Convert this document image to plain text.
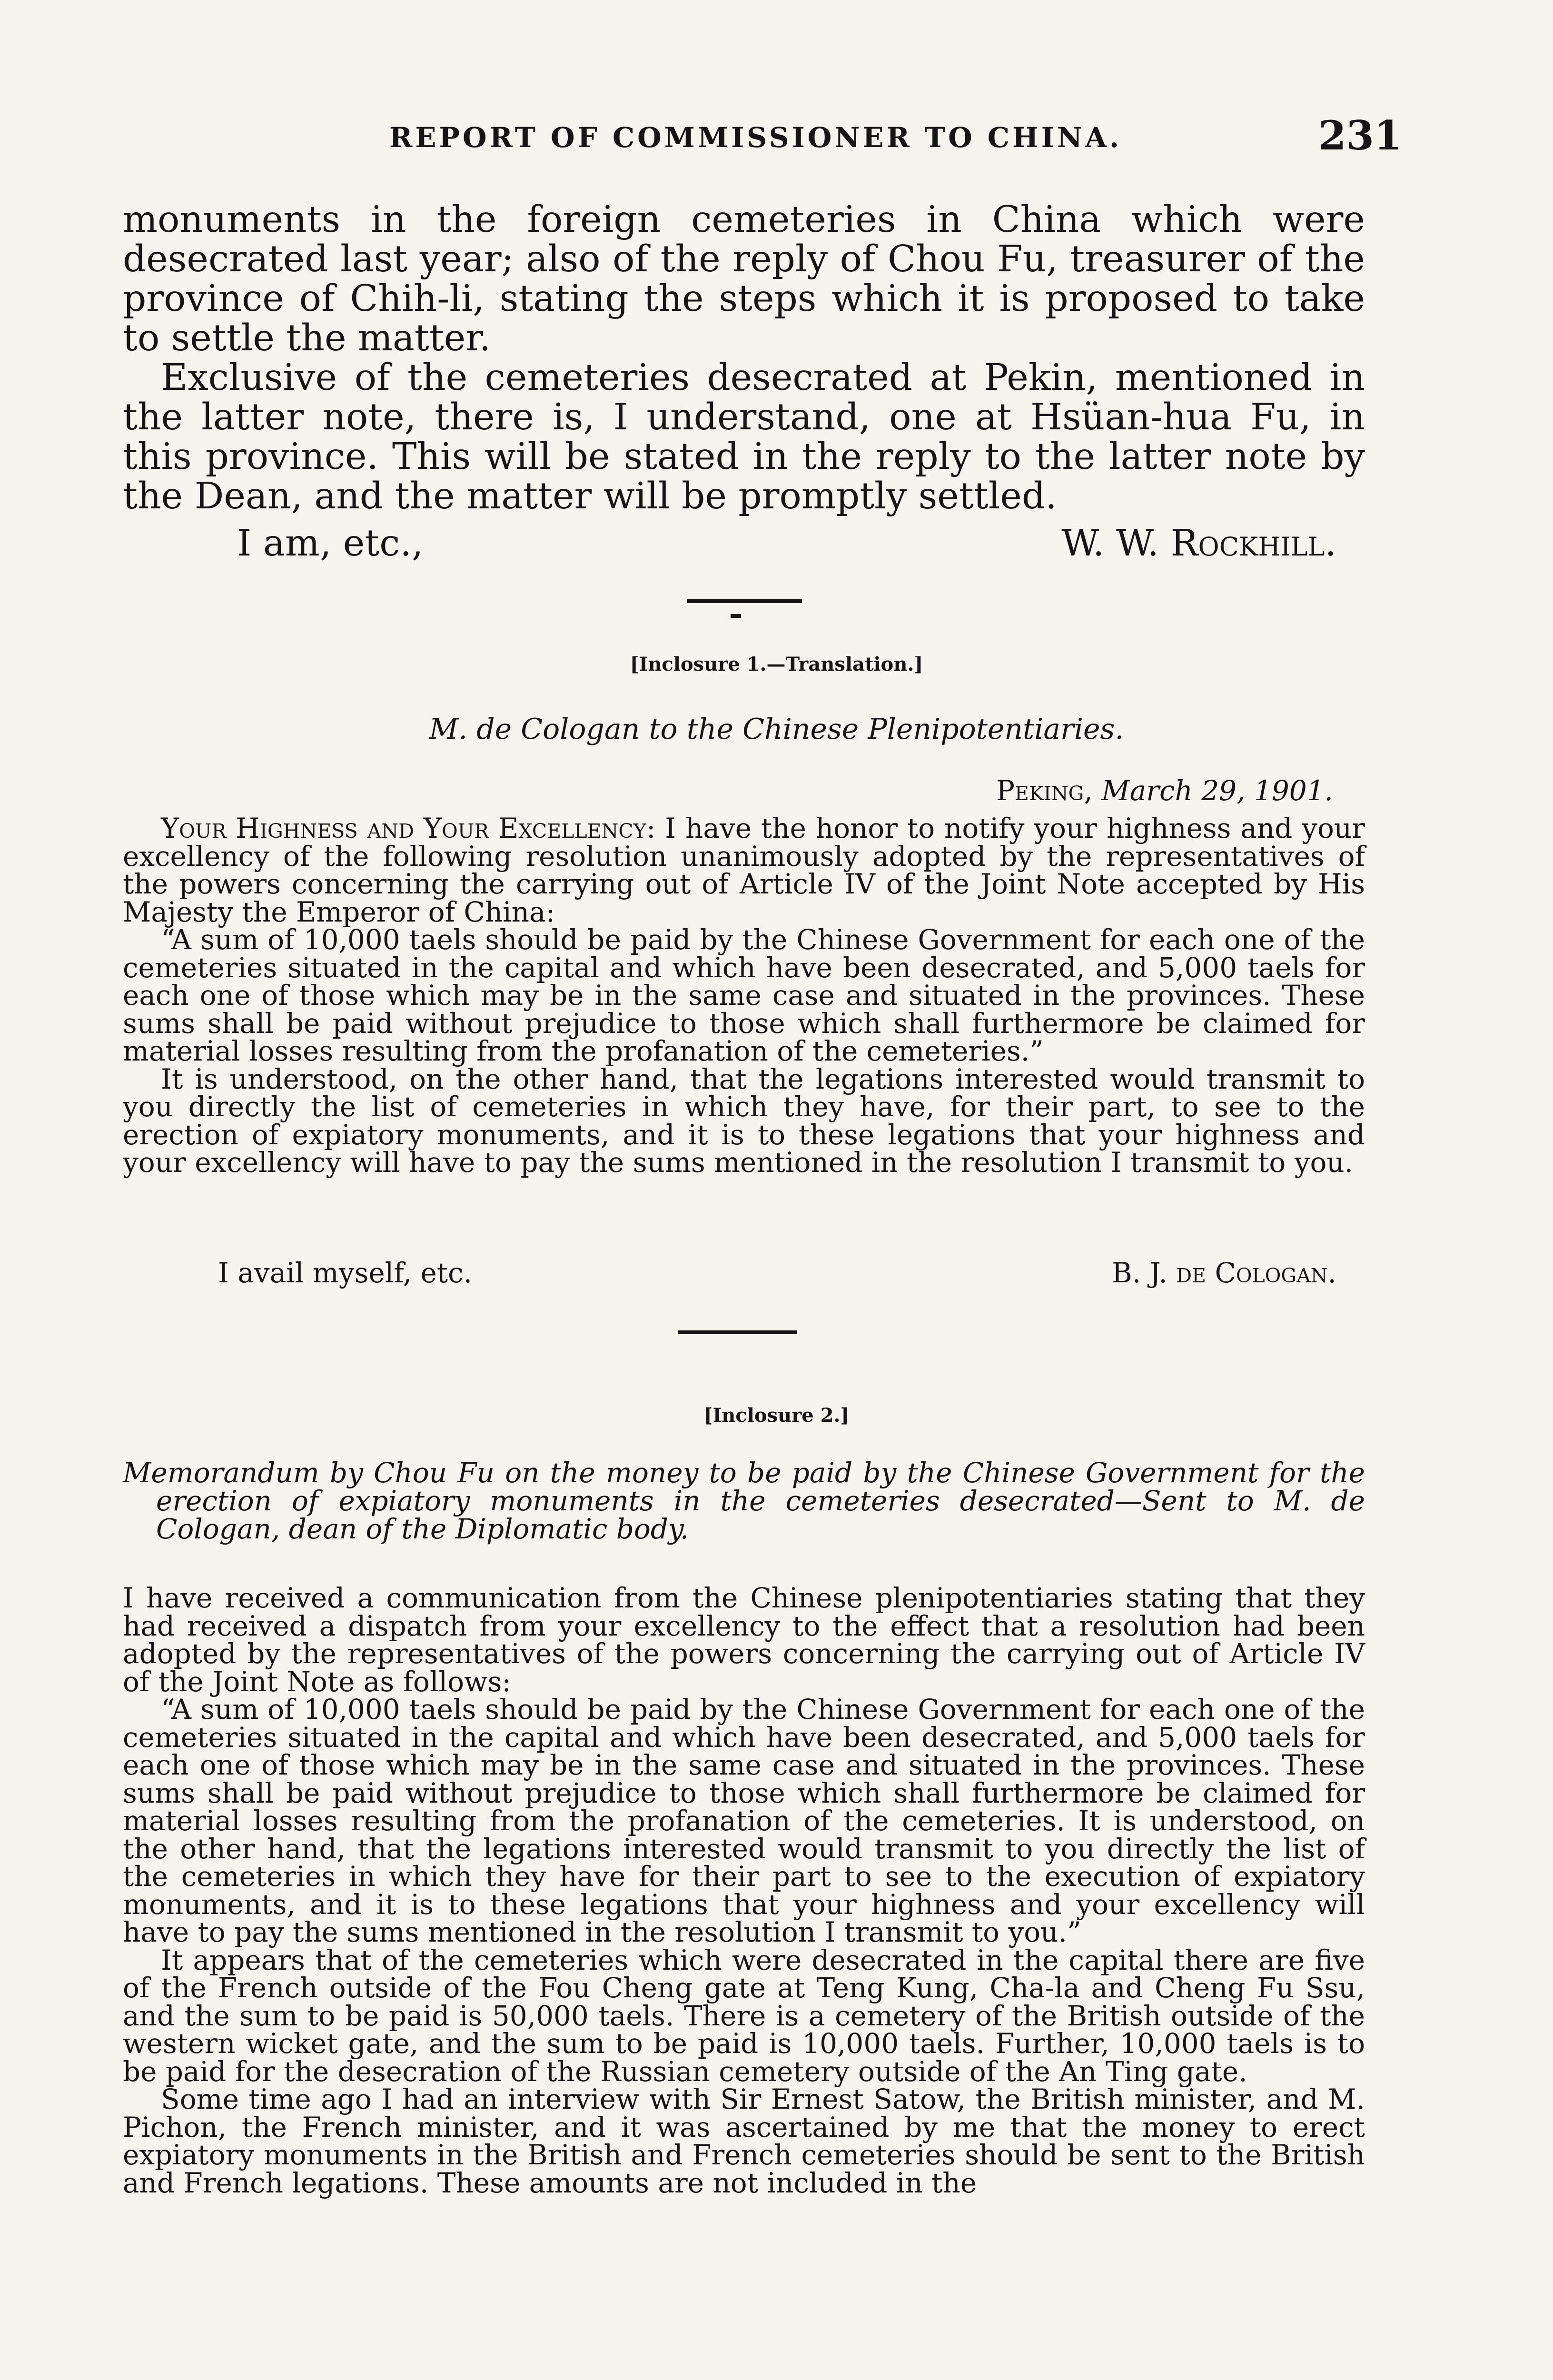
REPORT OF COMMISSIONER TO CHINA.	231

monuments in the foreign cemeteries in China which were desecrated last year; also of the reply of Chou Fu, treasurer of the province of Chih-li, stating the steps which it is proposed to take to settle the matter.

Exclusive of the cemeteries desecrated at Pekin, mentioned in the latter note, there is, I understand, one at Hsüan-hua Fu, in this province. This will be stated in the reply to the latter note by the Dean, and the matter will be promptly settled.

I am, etc.,	W. W. Rockhill.
[Inclosure 1.—Translation.]
M. de Cologan to the Chinese Plenipotentiaries.
Peking, March 29, 1901.

Your Highness and Your Excellency: I have the honor to notify your highness and your excellency of the following resolution unanimously adopted by the representatives of the powers concerning the carrying out of Article IV of the Joint Note accepted by His Majesty the Emperor of China:

“A sum of 10,000 taels should be paid by the Chinese Government for each one of the cemeteries situated in the capital and which have been desecrated, and 5,000 taels for each one of those which may be in the same case and situated in the provinces. These sums shall be paid without prejudice to those which shall furthermore be claimed for material losses resulting from the profanation of the cemeteries.”

It is understood, on the other hand, that the legations interested would transmit to you directly the list of cemeteries in which they have, for their part, to see to the erection of expiatory monuments, and it is to these legations that your highness and your excellency will have to pay the sums mentioned in the resolution I transmit to you.

I avail myself, etc.	B. J. de Cologan.
[Inclosure 2.]
Memorandum by Chou Fu on the money to be paid by the Chinese Government for the erection of expiatory monuments in the cemeteries desecrated—Sent to M. de Cologan, dean of the Diplomatic body.

I have received a communication from the Chinese plenipotentiaries stating that they had received a dispatch from your excellency to the effect that a resolution had been adopted by the representatives of the powers concerning the carrying out of Article IV of the Joint Note as follows:

“A sum of 10,000 taels should be paid by the Chinese Government for each one of the cemeteries situated in the capital and which have been desecrated, and 5,000 taels for each one of those which may be in the same case and situated in the provinces. These sums shall be paid without prejudice to those which shall furthermore be claimed for material losses resulting from the profanation of the cemeteries. It is understood, on the other hand, that the legations interested would transmit to you directly the list of the cemeteries in which they have for their part to see to the execution of expiatory monuments, and it is to these legations that your highness and your excellency will have to pay the sums mentioned in the resolution I transmit to you.”

It appears that of the cemeteries which were desecrated in the capital there are five of the French outside of the Fou Cheng gate at Teng Kung, Cha-la and Cheng Fu Ssu, and the sum to be paid is 50,000 taels. There is a cemetery of the British outside of the western wicket gate, and the sum to be paid is 10,000 taels. Further, 10,000 taels is to be paid for the desecration of the Russian cemetery outside of the An Ting gate.

Some time ago I had an interview with Sir Ernest Satow, the British minister, and M. Pichon, the French minister, and it was ascertained by me that the money to erect expiatory monuments in the British and French cemeteries should be sent to the British and French legations. These amounts are not included in the
